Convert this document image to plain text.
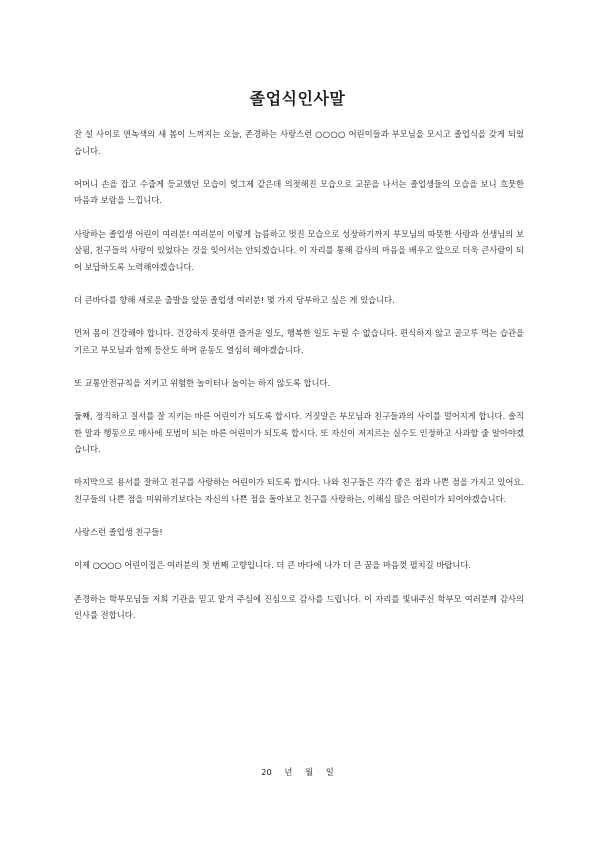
졸업식인사말

잔 설 사이로 연녹색의 새 봄이 느껴지는 오늘, 존경하는 사랑스런 ○○○○ 어린이들과 부모님을 모시고 졸업식을 갖게 되었습니다.

어머니 손을 잡고 수줍게 등교했던 모습이 엊그제 같은데 의젓해진 모습으로 교문을 나서는 졸업생들의 모습을 보니 흐뭇한 마음과 보람을 느낍니다.

사랑하는 졸업생 어린이 여러분! 여러분이 이렇게 늠름하고 멋진 모습으로 성장하기까지 부모님의 따뜻한 사랑과 선생님의 보살핌, 친구들의 사랑이 있었다는 것을 잊어서는 안되겠습니다. 이 자리를 통해 감사의 마음을 배우고 앞으로 더욱 큰사람이 되어 보답하도록 노력해야겠습니다.

더 큰바다를 향해 새로운 출발을 앞둔 졸업생 여러분! 몇 가지 당부하고 싶은 게 있습니다.

먼저 몸이 건강해야 합니다. 건강하지 못하면 즐거운 일도, 행복한 일도 누릴 수 없습니다. 편식하지 않고 골고루 먹는 습관을 기르고 부모님과 함께 등산도 하며 운동도 열심히 해야겠습니다.

또 교통안전규칙을 지키고 위험한 놀이터나 놀이는 하지 않도록 합니다.

둘째, 정직하고 질서를 잘 지키는 바른 어린이가 되도록 합시다. 거짓말은 부모님과 친구들과의 사이를 멀어지게 합니다. 솔직한 말과 행동으로 매사에 모범이 되는 바른 어린이가 되도록 합시다. 또 자신이 저지르는 실수도 인정하고 사과할 줄 알아야겠습니다.

마지막으로 용서를 잘하고 친구를 사랑하는 어린이가 되도록 합시다. 나와 친구들은 각각 좋은 점과 나쁜 점을 가지고 있어요. 친구들의 나쁜 점을 미워하기보다는 자신의 나쁜 점을 돌아보고 친구를 사랑하는, 이해심 많은 어린이가 되어야겠습니다.

사랑스런 졸업생 친구들!

이제 ○○○○ 어린이집은 여러분의 첫 번째 고향입니다. 더 큰 바다에 나가 더 큰 꿈을 마음껏 펼치길 바랍니다.

존경하는 학부모님들 저희 기관을 믿고 맡겨 주심에 진심으로 감사를 드립니다. 이 자리를 빛내주신 학부모 여러분께 감사의 인사를 전합니다.

20 년 월 일
